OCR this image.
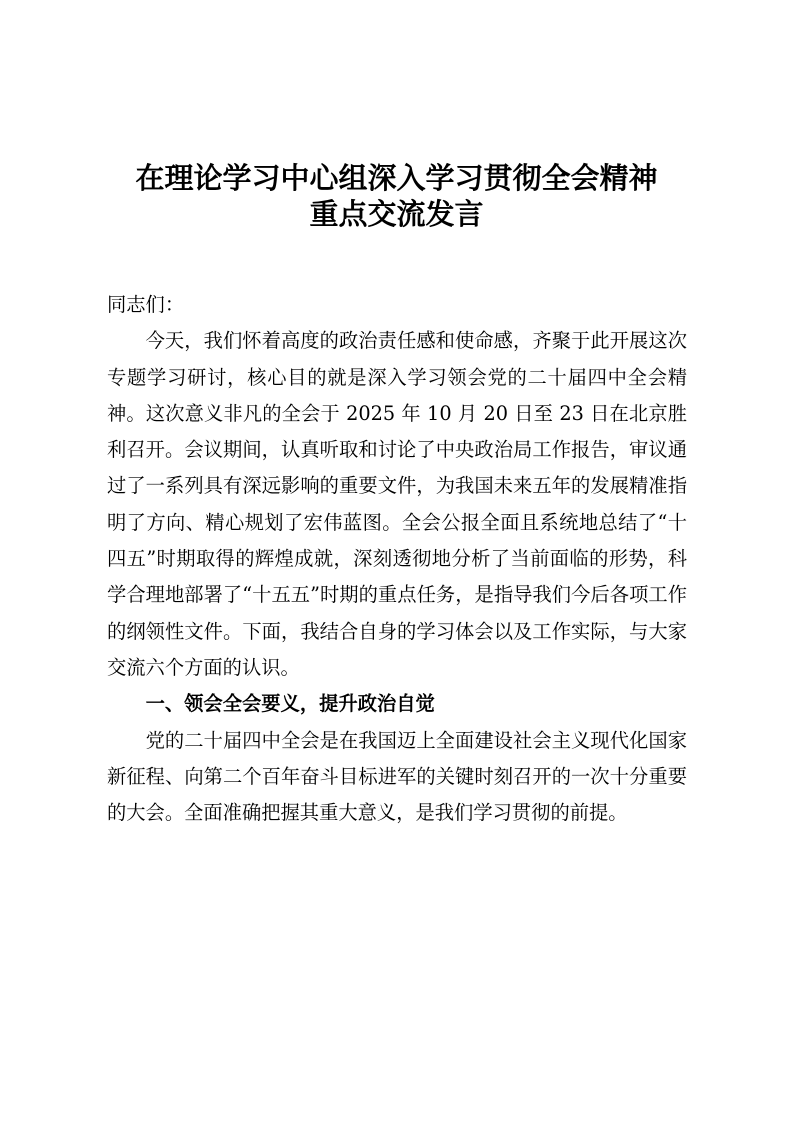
在理论学习中心组深入学习贯彻全会精神
重点交流发言

同志们：

今天，我们怀着高度的政治责任感和使命感，齐聚于此开展这次专题学习研讨，核心目的就是深入学习领会党的二十届四中全会精神。这次意义非凡的全会于 2025 年 10 月 20 日至 23 日在北京胜利召开。会议期间，认真听取和讨论了中央政治局工作报告，审议通过了一系列具有深远影响的重要文件，为我国未来五年的发展精准指明了方向、精心规划了宏伟蓝图。全会公报全面且系统地总结了“十四五”时期取得的辉煌成就，深刻透彻地分析了当前面临的形势，科学合理地部署了“十五五”时期的重点任务，是指导我们今后各项工作的纲领性文件。下面，我结合自身的学习体会以及工作实际，与大家交流六个方面的认识。

一、领会全会要义，提升政治自觉

党的二十届四中全会是在我国迈上全面建设社会主义现代化国家新征程、向第二个百年奋斗目标进军的关键时刻召开的一次十分重要的大会。全面准确把握其重大意义，是我们学习贯彻的前提。
